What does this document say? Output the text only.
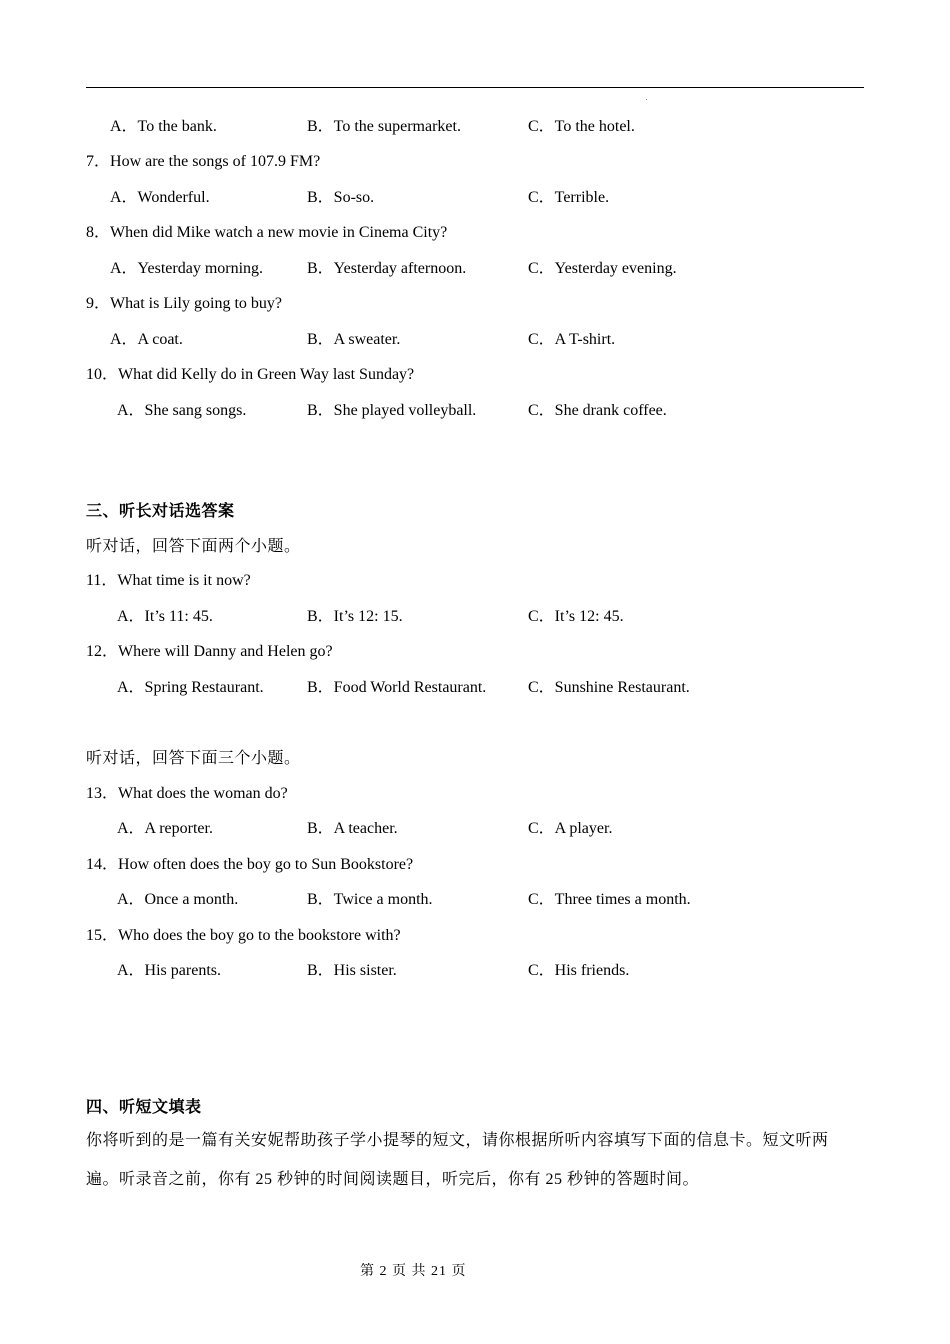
A．To the bank.	B．To the supermarket.	C．To the hotel.
7．How are the songs of 107.9 FM?
A．Wonderful.	B．So-so.	C．Terrible.
8．When did Mike watch a new movie in Cinema City?
A．Yesterday morning.	B．Yesterday afternoon.	C．Yesterday evening.
9．What is Lily going to buy?
A．A coat.	B．A sweater.	C．A T-shirt.
10．What did Kelly do in Green Way last Sunday?
A．She sang songs.	B．She played volleyball.	C．She drank coffee.
三、听长对话选答案
听对话，回答下面两个小题。
11．What time is it now?
A．It’s 11: 45.	B．It’s 12: 15.	C．It’s 12: 45.
12．Where will Danny and Helen go?
A．Spring Restaurant.	B．Food World Restaurant.	C．Sunshine Restaurant.
听对话，回答下面三个小题。
13．What does the woman do?
A．A reporter.	B．A teacher.	C．A player.
14．How often does the boy go to Sun Bookstore?
A．Once a month.	B．Twice a month.	C．Three times a month.
15．Who does the boy go to the bookstore with?
A．His parents.	B．His sister.	C．His friends.
四、听短文填表
你将听到的是一篇有关安妮帮助孩子学小提琴的短文，请你根据所听内容填写下面的信息卡。短文听两
遍。听录音之前，你有 25 秒钟的时间阅读题目，听完后，你有 25 秒钟的答题时间。
第 2 页 共 21 页
